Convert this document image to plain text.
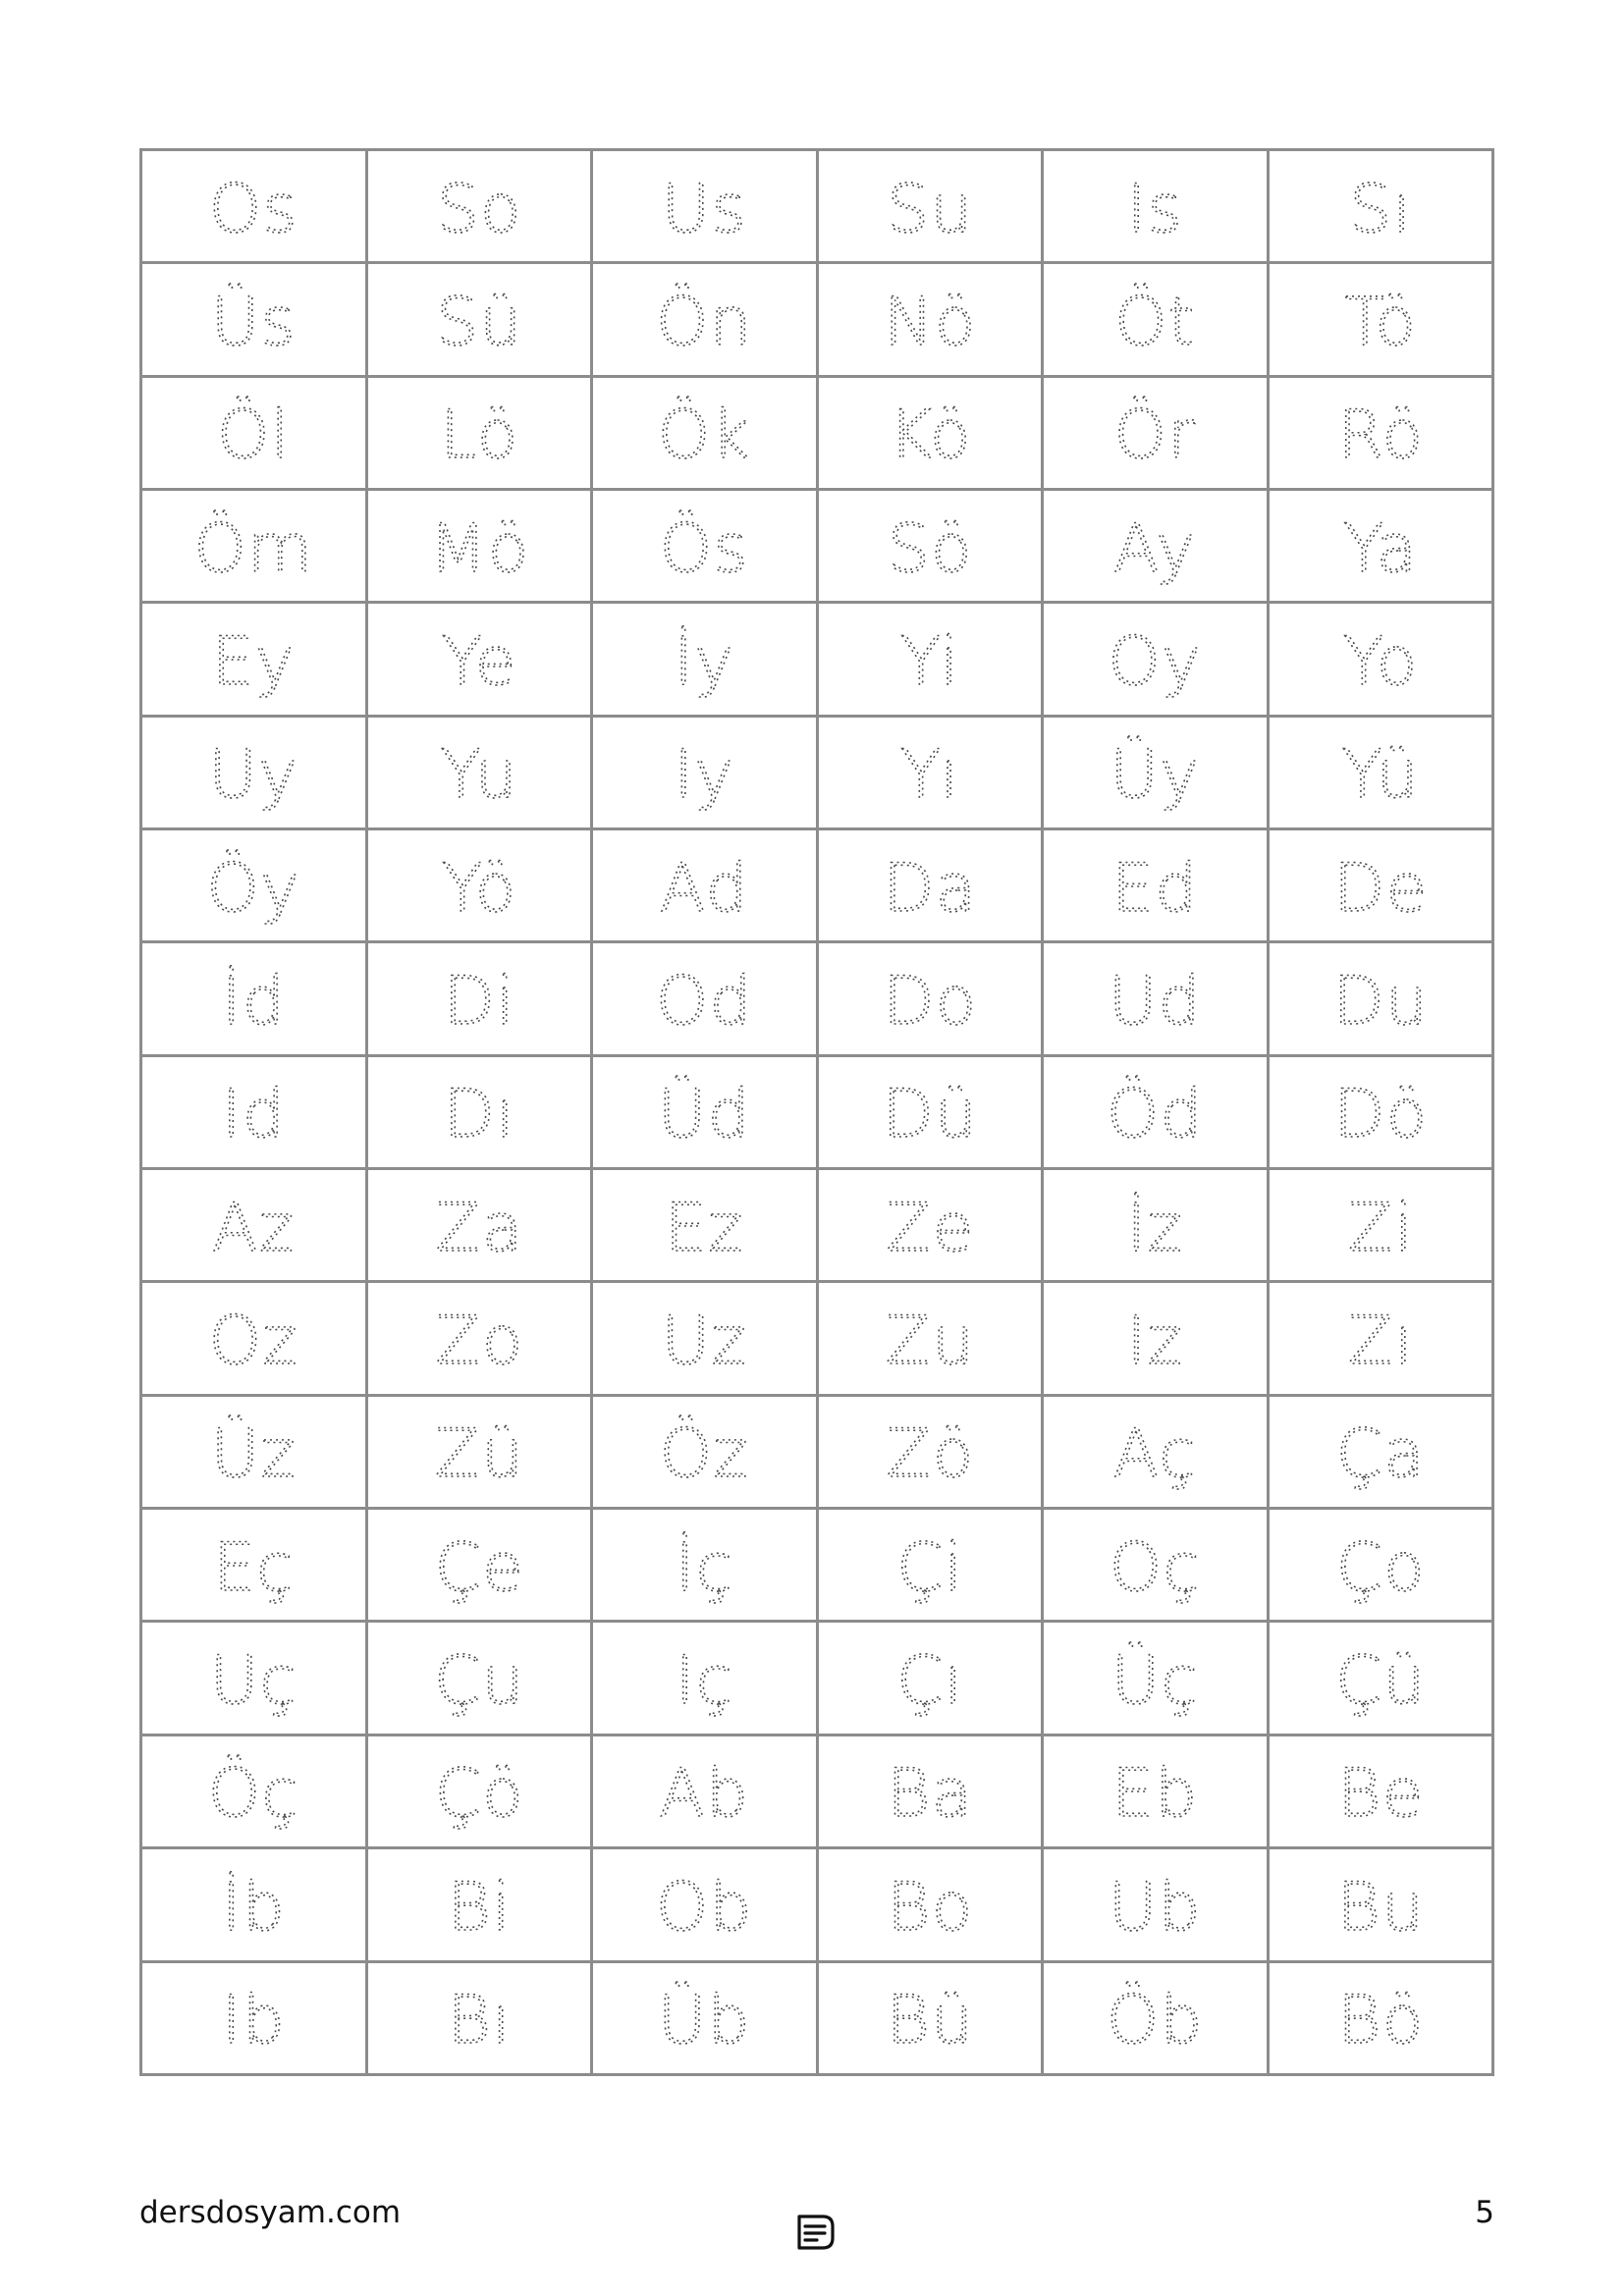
Os	So	Us	Su	Is	Sı

Üs	Sü	Ön	Nö	Öt	Tö

Öl	Lö	Ök	Kö	Ör	Rö

Öm	Mö	Ös	Sö	Ay	Ya

Ey	Ye	İy	Yi	Oy	Yo

Uy	Yu	Iy	Yı	Üy	Yü

Öy	Yö	Ad	Da	Ed	De

İd	Di	Od	Do	Ud	Du

Id	Dı	Üd	Dü	Öd	Dö

Az	Za	Ez	Ze	İz	Zi

Oz	Zo	Uz	Zu	Iz	Zı

Üz	Zü	Öz	Zö	Aç	Ça

Eç	Çe	İç	Çi	Oç	Ço

Uç	Çu	Iç	Çı	Üç	Çü

Öç	Çö	Ab	Ba	Eb	Be

İb	Bi	Ob	Bo	Ub	Bu

Ib	Bı	Üb	Bü	Öb	Bö
dersdosyam.com	5
